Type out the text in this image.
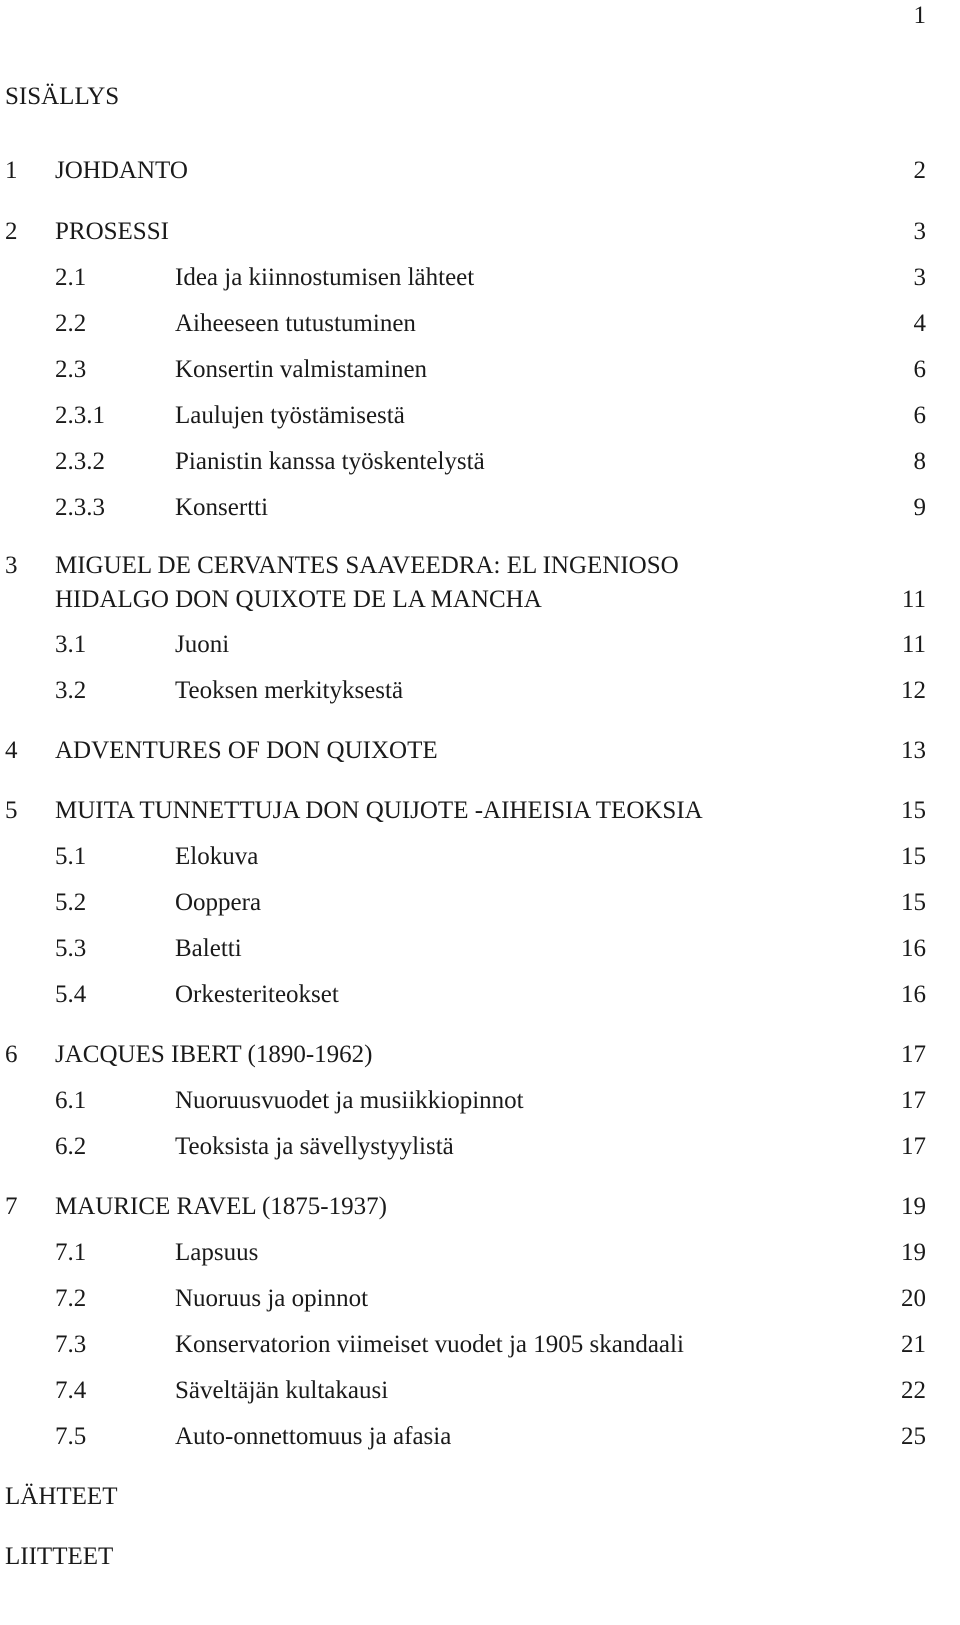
1
SISÄLLYS
1 JOHDANTO	2
2 PROSESSI	3
2.1	Idea ja kiinnostumisen lähteet	3
2.2	Aiheeseen tutustuminen	4
2.3	Konsertin valmistaminen	6
2.3.1	Laulujen työstämisestä	6
2.3.2	Pianistin kanssa työskentelystä	8
2.3.3	Konsertti	9
3 MIGUEL DE CERVANTES SAAVEEDRA: EL INGENIOSO
HIDALGO DON QUIXOTE DE LA MANCHA	11
3.1	Juoni	11
3.2	Teoksen merkityksestä	12
4 ADVENTURES OF DON QUIXOTE	13
5 MUITA TUNNETTUJA DON QUIJOTE -AIHEISIA TEOKSIA	15
5.1	Elokuva	15
5.2	Ooppera	15
5.3	Baletti	16
5.4	Orkesteriteokset	16
6 JACQUES IBERT (1890-1962)	17
6.1	Nuoruusvuodet ja musiikkiopinnot	17
6.2	Teoksista ja sävellystyylistä	17
7 MAURICE RAVEL (1875-1937)	19
7.1	Lapsuus	19
7.2	Nuoruus ja opinnot	20
7.3	Konservatorion viimeiset vuodet ja 1905 skandaali	21
7.4	Säveltäjän kultakausi	22
7.5	Auto-onnettomuus ja afasia	25
LÄHTEET
LIITTEET
